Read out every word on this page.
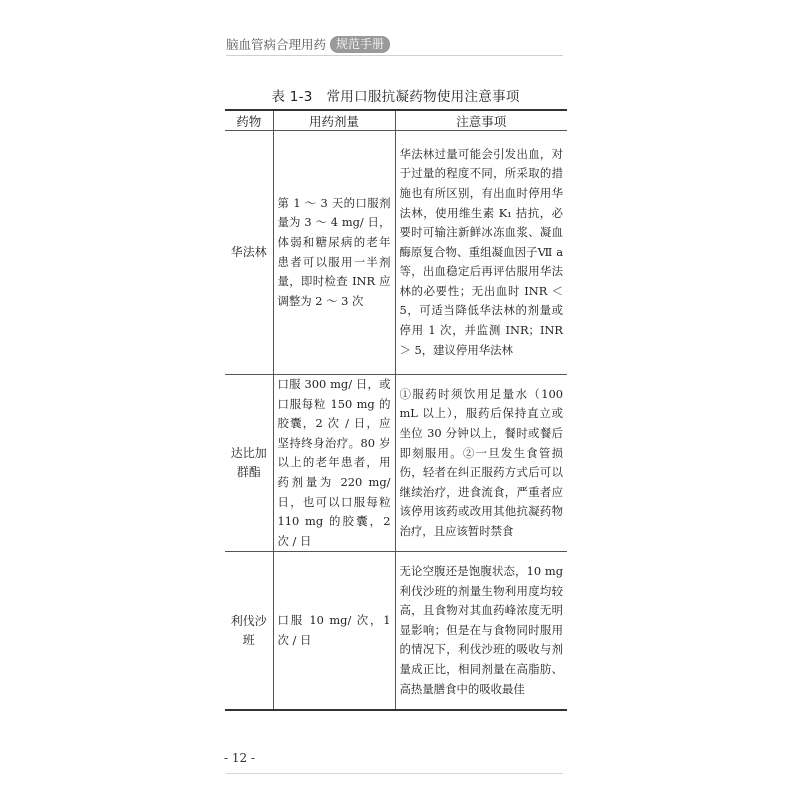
脑血管病合理用药 规范手册
表 1-3　常用口服抗凝药物使用注意事项
药物	用药剂量	注意事项
华法林	第 1 ～ 3 天的口服剂量为 3 ～ 4 mg/ 日，体弱和糖尿病的老年患者可以服用一半剂量，即时检查 INR 应调整为 2 ～ 3 次	华法林过量可能会引发出血，对于过量的程度不同，所采取的措施也有所区别，有出血时停用华法林，使用维生素 K₁ 拮抗，必要时可输注新鲜冰冻血浆、凝血酶原复合物、重组凝血因子Ⅶ a 等，出血稳定后再评估服用华法林的必要性；无出血时 INR ＜ 5，可适当降低华法林的剂量或停用 1 次，并监测 INR；INR ＞ 5，建议停用华法林
达比加群酯	口服 300 mg/ 日，或口服每粒 150 mg 的胶囊，2 次 / 日，应坚持终身治疗。80 岁以上的老年患者，用药剂量为 220 mg/ 日，也可以口服每粒 110 mg 的胶囊，2 次 / 日	①服药时须饮用足量水（100 mL 以上），服药后保持直立或坐位 30 分钟以上，餐时或餐后即刻服用。②一旦发生食管损伤，轻者在纠正服药方式后可以继续治疗，进食流食，严重者应该停用该药或改用其他抗凝药物治疗，且应该暂时禁食
利伐沙班	口服 10 mg/ 次，1 次 / 日	无论空腹还是饱腹状态，10 mg 利伐沙班的剂量生物利用度均较高，且食物对其血药峰浓度无明显影响；但是在与食物同时服用的情况下，利伐沙班的吸收与剂量成正比，相同剂量在高脂肪、高热量膳食中的吸收最佳
- 12 -
